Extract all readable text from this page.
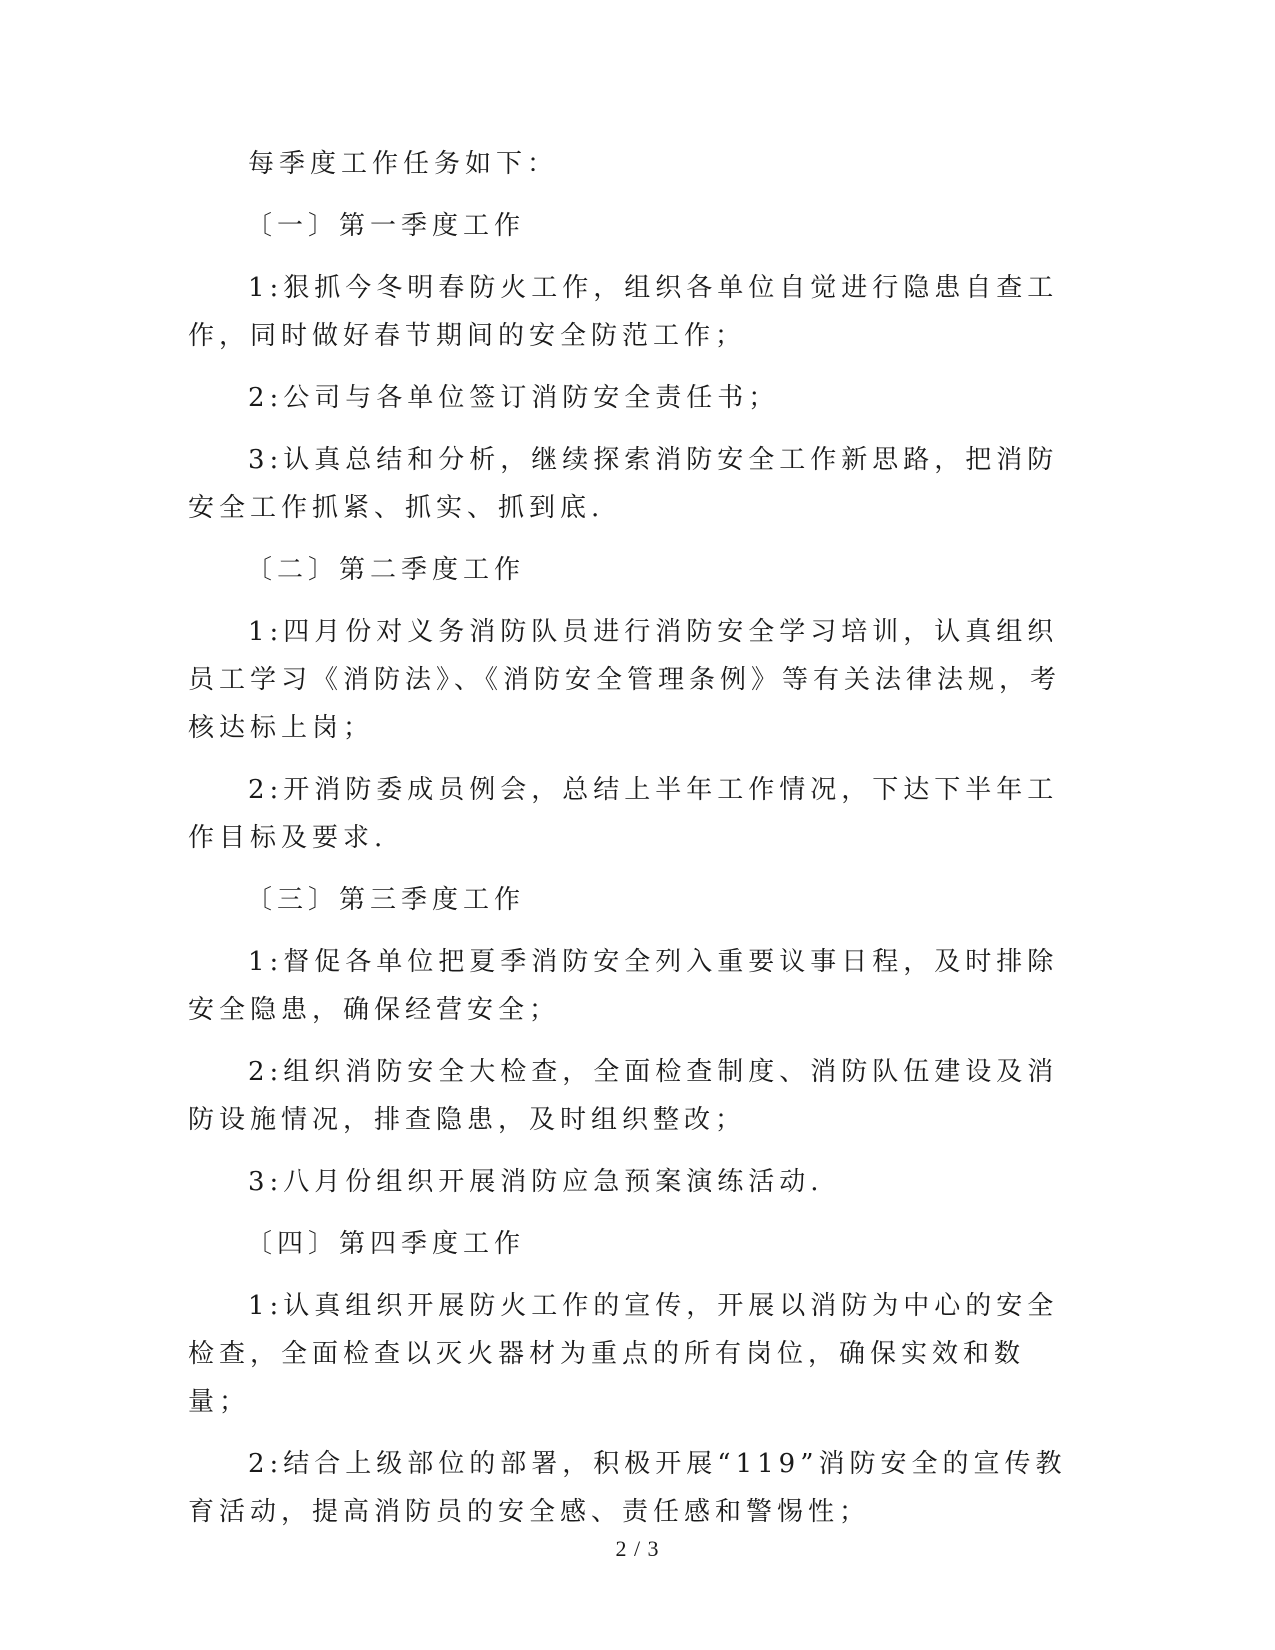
每季度工作任务如下：

〔一〕第一季度工作

1:狠抓今冬明春防火工作，组织各单位自觉进行隐患自查工作，同时做好春节期间的安全防范工作；

2:公司与各单位签订消防安全责任书；

3:认真总结和分析，继续探索消防安全工作新思路，把消防安全工作抓紧、抓实、抓到底.

〔二〕第二季度工作

1:四月份对义务消防队员进行消防安全学习培训，认真组织员工学习《消防法》、《消防安全管理条例》等有关法律法规，考核达标上岗；

2:开消防委成员例会，总结上半年工作情况，下达下半年工作目标及要求.

〔三〕第三季度工作

1:督促各单位把夏季消防安全列入重要议事日程，及时排除安全隐患，确保经营安全；

2:组织消防安全大检查，全面检查制度、消防队伍建设及消防设施情况，排查隐患，及时组织整改；

3:八月份组织开展消防应急预案演练活动.

〔四〕第四季度工作

1:认真组织开展防火工作的宣传，开展以消防为中心的安全检查，全面检查以灭火器材为重点的所有岗位，确保实效和数量；

2:结合上级部位的部署，积极开展“119”消防安全的宣传教育活动，提高消防员的安全感、责任感和警惕性；

2 / 3
